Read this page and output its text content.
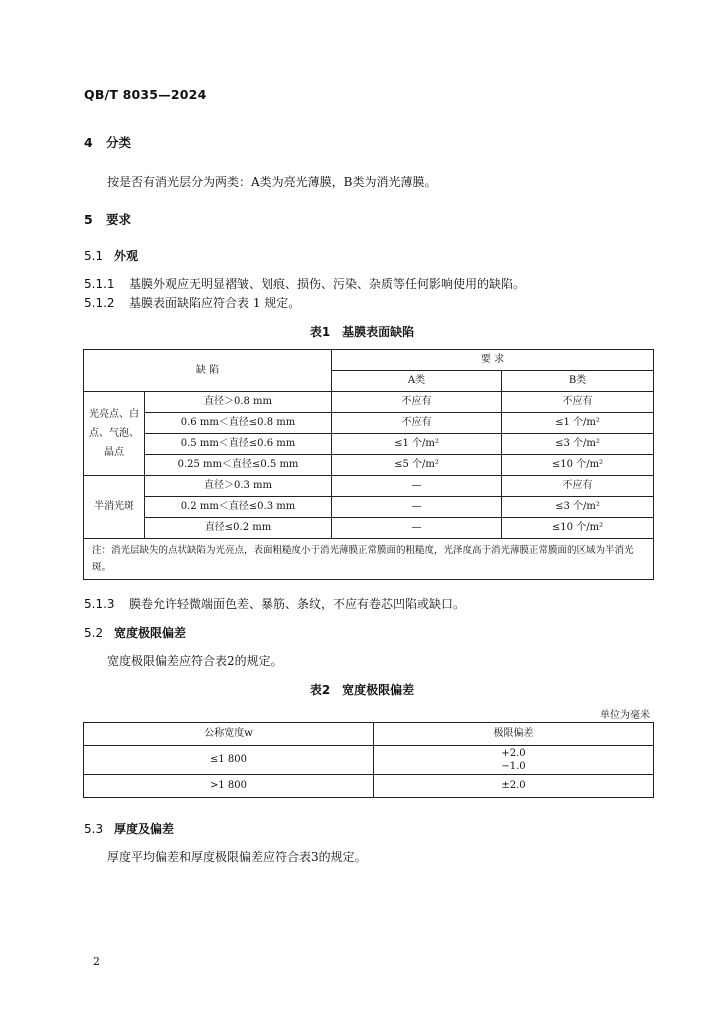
QB/T 8035—2024
4 分类
按是否有消光层分为两类：A类为亮光薄膜，B类为消光薄膜。
5 要求
5.1 外观
5.1.1 基膜外观应无明显褶皱、划痕、损伤、污染、杂质等任何影响使用的缺陷。
5.1.2 基膜表面缺陷应符合表 1 规定。
表1　基膜表面缺陷
缺 陷		要 求	
		A类	B类
光亮点、白点、气泡、晶点	直径＞0.8 mm	不应有	不应有
	0.6 mm＜直径≤0.8 mm	不应有	≤1 个/m²
	0.5 mm＜直径≤0.6 mm	≤1 个/m²	≤3 个/m²
	0.25 mm＜直径≤0.5 mm	≤5 个/m²	≤10 个/m²
半消光斑	直径＞0.3 mm	—	不应有
	0.2 mm＜直径≤0.3 mm	—	≤3 个/m²
	直径≤0.2 mm	—	≤10 个/m²
注：消光层缺失的点状缺陷为光亮点，表面粗糙度小于消光薄膜正常膜面的粗糙度，光泽度高于消光薄膜正常膜面的区域为半消光斑。			
5.1.3 膜卷允许轻微端面色差、暴筋、条纹，不应有卷芯凹陷或缺口。
5.2 宽度极限偏差
宽度极限偏差应符合表2的规定。
表2　宽度极限偏差
单位为毫米
公称宽度w	极限偏差
≤1 800	+2.0
−1.0

>1 800	±2.0
5.3 厚度及偏差
厚度平均偏差和厚度极限偏差应符合表3的规定。
2
